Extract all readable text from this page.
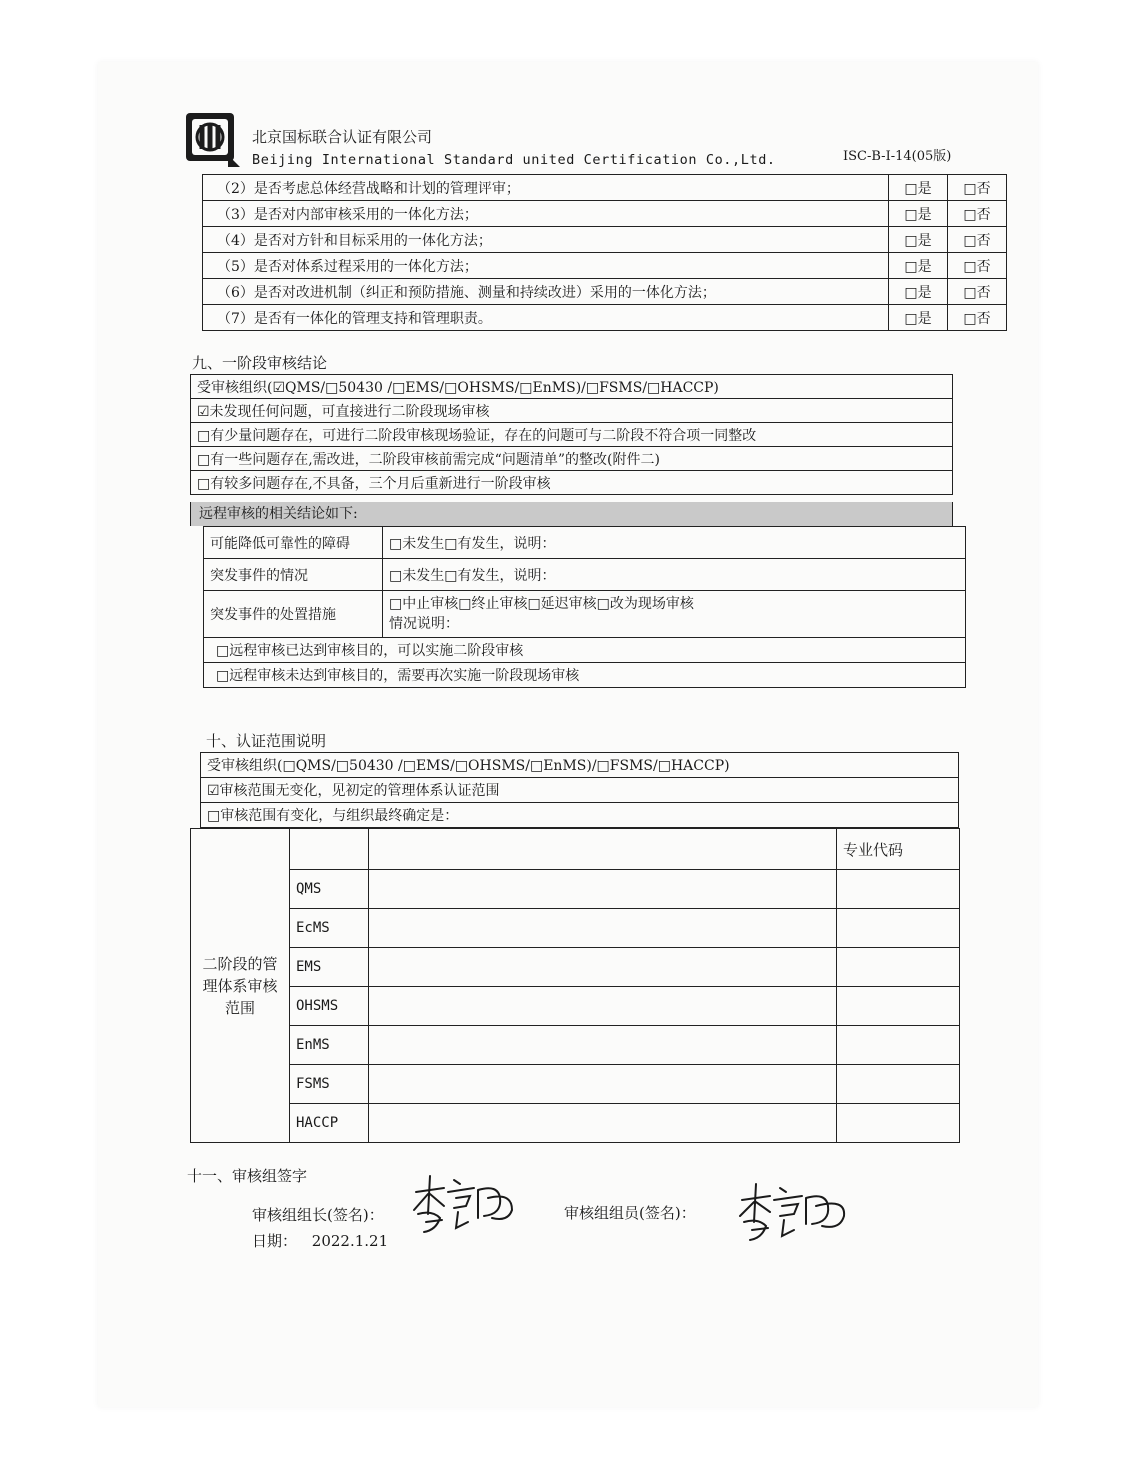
北京国标联合认证有限公司
Beijing International Standard united Certification Co.,Ltd.	ISC-B-I-14(05版)
（2）是否考虑总体经营战略和计划的管理评审；	□是	□否
（3）是否对内部审核采用的一体化方法；	□是	□否
（4）是否对方针和目标采用的一体化方法；	□是	□否
（5）是否对体系过程采用的一体化方法；	□是	□否
（6）是否对改进机制（纠正和预防措施、测量和持续改进）采用的一体化方法；	□是	□否
（7）是否有一体化的管理支持和管理职责。	□是	□否
九、一阶段审核结论
受审核组织(☑QMS/□50430 /□EMS/□OHSMS/□EnMS)/□FSMS/□HACCP)
☑未发现任何问题，可直接进行二阶段现场审核
□有少量问题存在，可进行二阶段审核现场验证，存在的问题可与二阶段不符合项一同整改
□有一些问题存在,需改进，二阶段审核前需完成“问题清单”的整改(附件二)
□有较多问题存在,不具备，三个月后重新进行一阶段审核
远程审核的相关结论如下:
可能降低可靠性的障碍	□未发生□有发生，说明：
突发事件的情况	□未发生□有发生，说明：
突发事件的处置措施	□中止审核□终止审核□延迟审核□改为现场审核
情况说明：

□远程审核已达到审核目的，可以实施二阶段审核	
□远程审核未达到审核目的，需要再次实施一阶段现场审核	
十、认证范围说明
受审核组织(□QMS/□50430 /□EMS/□OHSMS/□EnMS)/□FSMS/□HACCP)
☑审核范围无变化，见初定的管理体系认证范围
□审核范围有变化，与组织最终确定是：
二阶段的管理体系审核范围			专业代码
	QMS		
	EcMS		
	EMS		
	OHSMS		
	EnMS		
	FSMS		
	HACCP		
十一、审核组签字
审核组组长(签名)：	审核组组员(签名)：
日期： 2022.1.21
